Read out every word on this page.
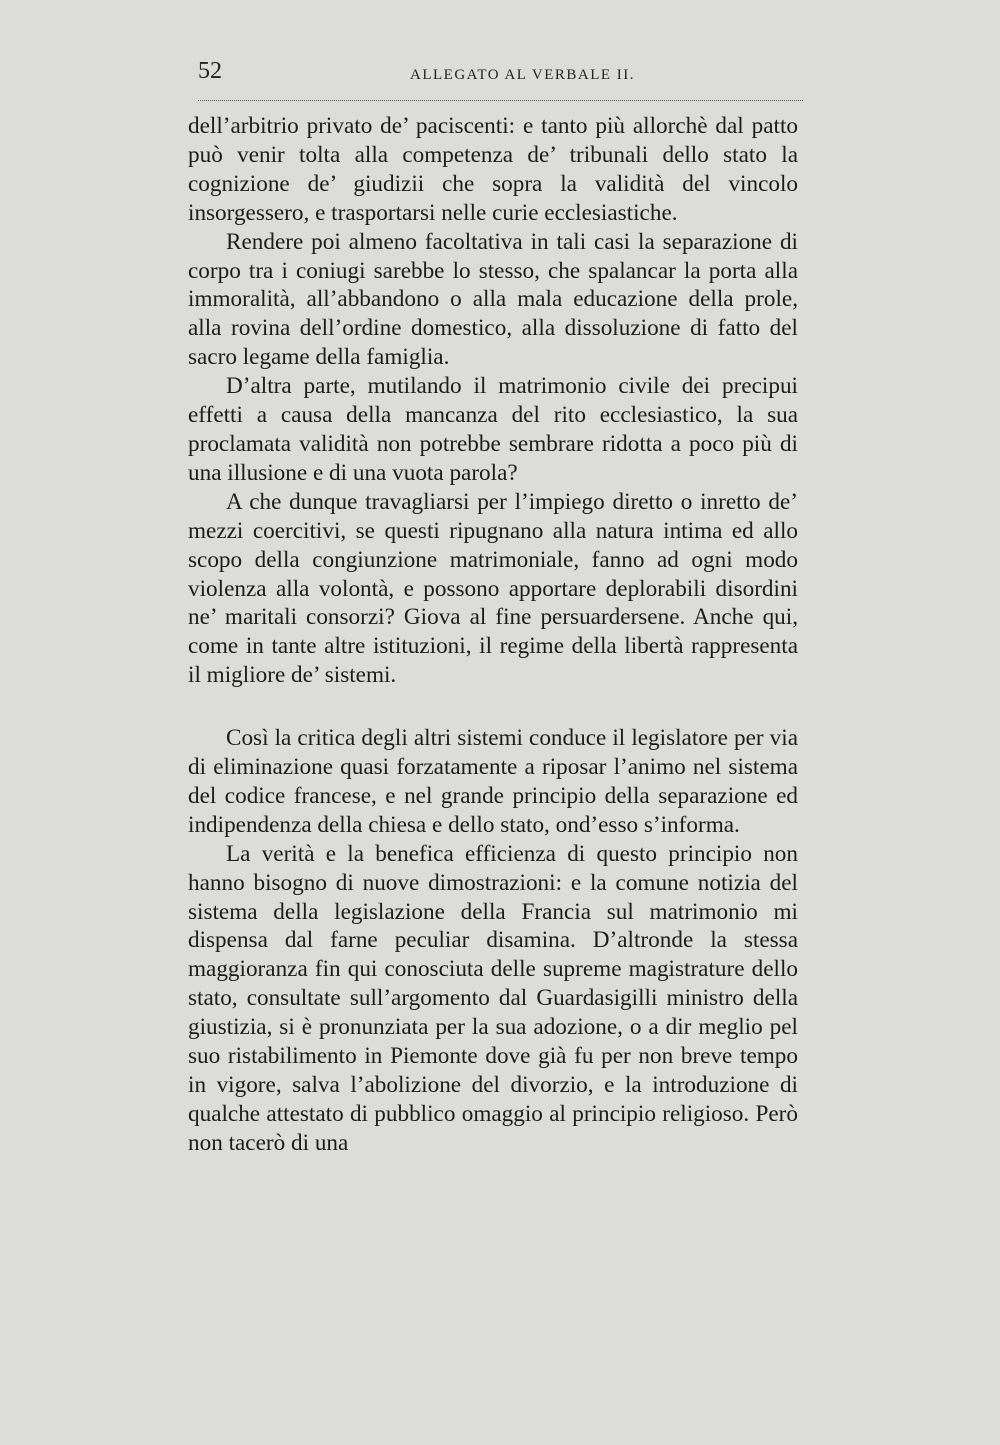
52	ALLEGATO AL VERBALE II.

dell’arbitrio privato de’ paciscenti: e tanto più allorchè dal patto può venir tolta alla competenza de’ tribunali dello stato la cognizione de’ giudizii che sopra la validità del vincolo insorgessero, e trasportarsi nelle curie ecclesiastiche.

Rendere poi almeno facoltativa in tali casi la separazione di corpo tra i coniugi sarebbe lo stesso, che spalancar la porta alla immoralità, all’abbandono o alla mala educazione della prole, alla rovina dell’ordine domestico, alla dissoluzione di fatto del sacro legame della famiglia.

D’altra parte, mutilando il matrimonio civile dei precipui effetti a causa della mancanza del rito ecclesiastico, la sua proclamata validità non potrebbe sembrare ridotta a poco più di una illusione e di una vuota parola?

A che dunque travagliarsi per l’impiego diretto o inretto de’ mezzi coercitivi, se questi ripugnano alla natura intima ed allo scopo della congiunzione matrimoniale, fanno ad ogni modo violenza alla volontà, e possono apportare deplorabili disordini ne’ maritali consorzi? Giova al fine persuardersene. Anche qui, come in tante altre istituzioni, il regime della libertà rappresenta il migliore de’ sistemi.

Così la critica degli altri sistemi conduce il legislatore per via di eliminazione quasi forzatamente a riposar l’animo nel sistema del codice francese, e nel grande principio della separazione ed indipendenza della chiesa e dello stato, ond’esso s’informa.

La verità e la benefica efficienza di questo principio non hanno bisogno di nuove dimostrazioni: e la comune notizia del sistema della legislazione della Francia sul matrimonio mi dispensa dal farne peculiar disamina. D’altronde la stessa maggioranza fin qui conosciuta delle supreme magistrature dello stato, consultate sull’argomento dal Guardasigilli ministro della giustizia, si è pronunziata per la sua adozione, o a dir meglio pel suo ristabilimento in Piemonte dove già fu per non breve tempo in vigore, salva l’abolizione del divorzio, e la introduzione di qualche attestato di pubblico omaggio al principio religioso. Però non tacerò di una
